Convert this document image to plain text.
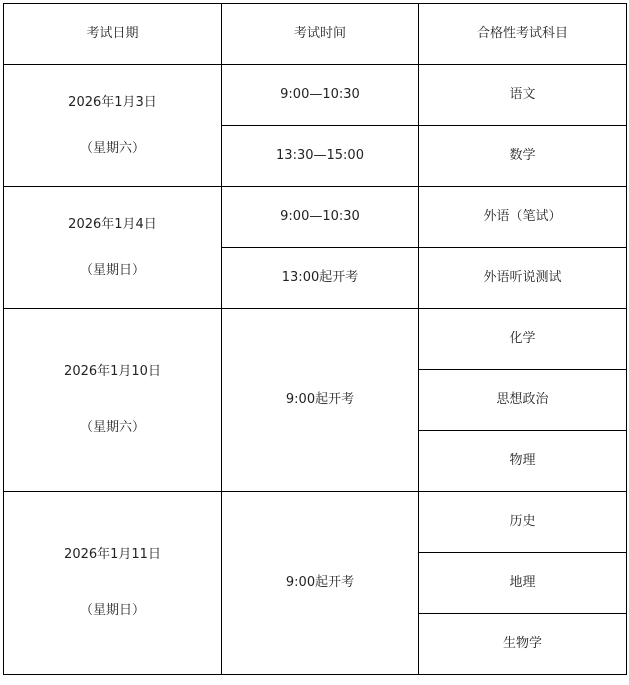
考试日期	考试时间	合格性考试科目

2026年1月3日
（星期六）	9:00—10:30	语文
	13:30—15:00	数学

2026年1月4日
（星期日）	9:00—10:30	外语（笔试）
	13:00起开考	外语听说测试

2026年1月10日
（星期六）	9:00起开考	化学
		思想政治
		物理

2026年1月11日
（星期日）	9:00起开考	历史
		地理
		生物学
